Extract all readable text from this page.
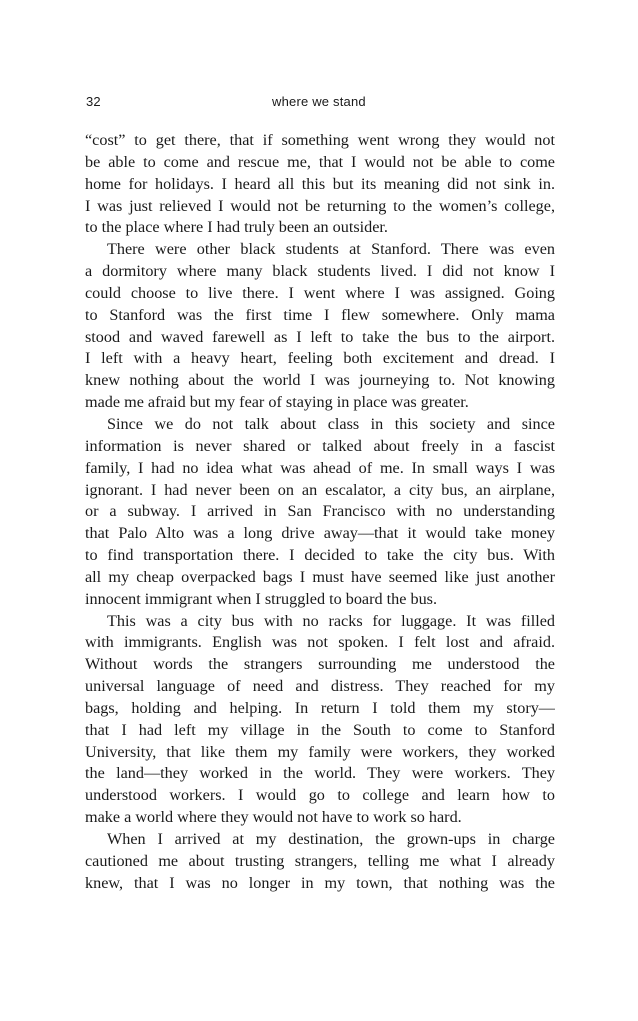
32	where we stand
“cost” to get there, that if something went wrong they would not
be able to come and rescue me, that I would not be able to come
home for holidays. I heard all this but its meaning did not sink in.
I was just relieved I would not be returning to the women’s college,
to the place where I had truly been an outsider.
There were other black students at Stanford. There was even
a dormitory where many black students lived. I did not know I
could choose to live there. I went where I was assigned. Going
to Stanford was the first time I flew somewhere. Only mama
stood and waved farewell as I left to take the bus to the airport.
I left with a heavy heart, feeling both excitement and dread. I
knew nothing about the world I was journeying to. Not knowing
made me afraid but my fear of staying in place was greater.
Since we do not talk about class in this society and since
information is never shared or talked about freely in a fascist
family, I had no idea what was ahead of me. In small ways I was
ignorant. I had never been on an escalator, a city bus, an airplane,
or a subway. I arrived in San Francisco with no understanding
that Palo Alto was a long drive away—that it would take money
to find transportation there. I decided to take the city bus. With
all my cheap overpacked bags I must have seemed like just another
innocent immigrant when I struggled to board the bus.
This was a city bus with no racks for luggage. It was filled
with immigrants. English was not spoken. I felt lost and afraid.
Without words the strangers surrounding me understood the
universal language of need and distress. They reached for my
bags, holding and helping. In return I told them my story—
that I had left my village in the South to come to Stanford
University, that like them my family were workers, they worked
the land—they worked in the world. They were workers. They
understood workers. I would go to college and learn how to
make a world where they would not have to work so hard.
When I arrived at my destination, the grown-ups in charge
cautioned me about trusting strangers, telling me what I already
knew, that I was no longer in my town, that nothing was the
